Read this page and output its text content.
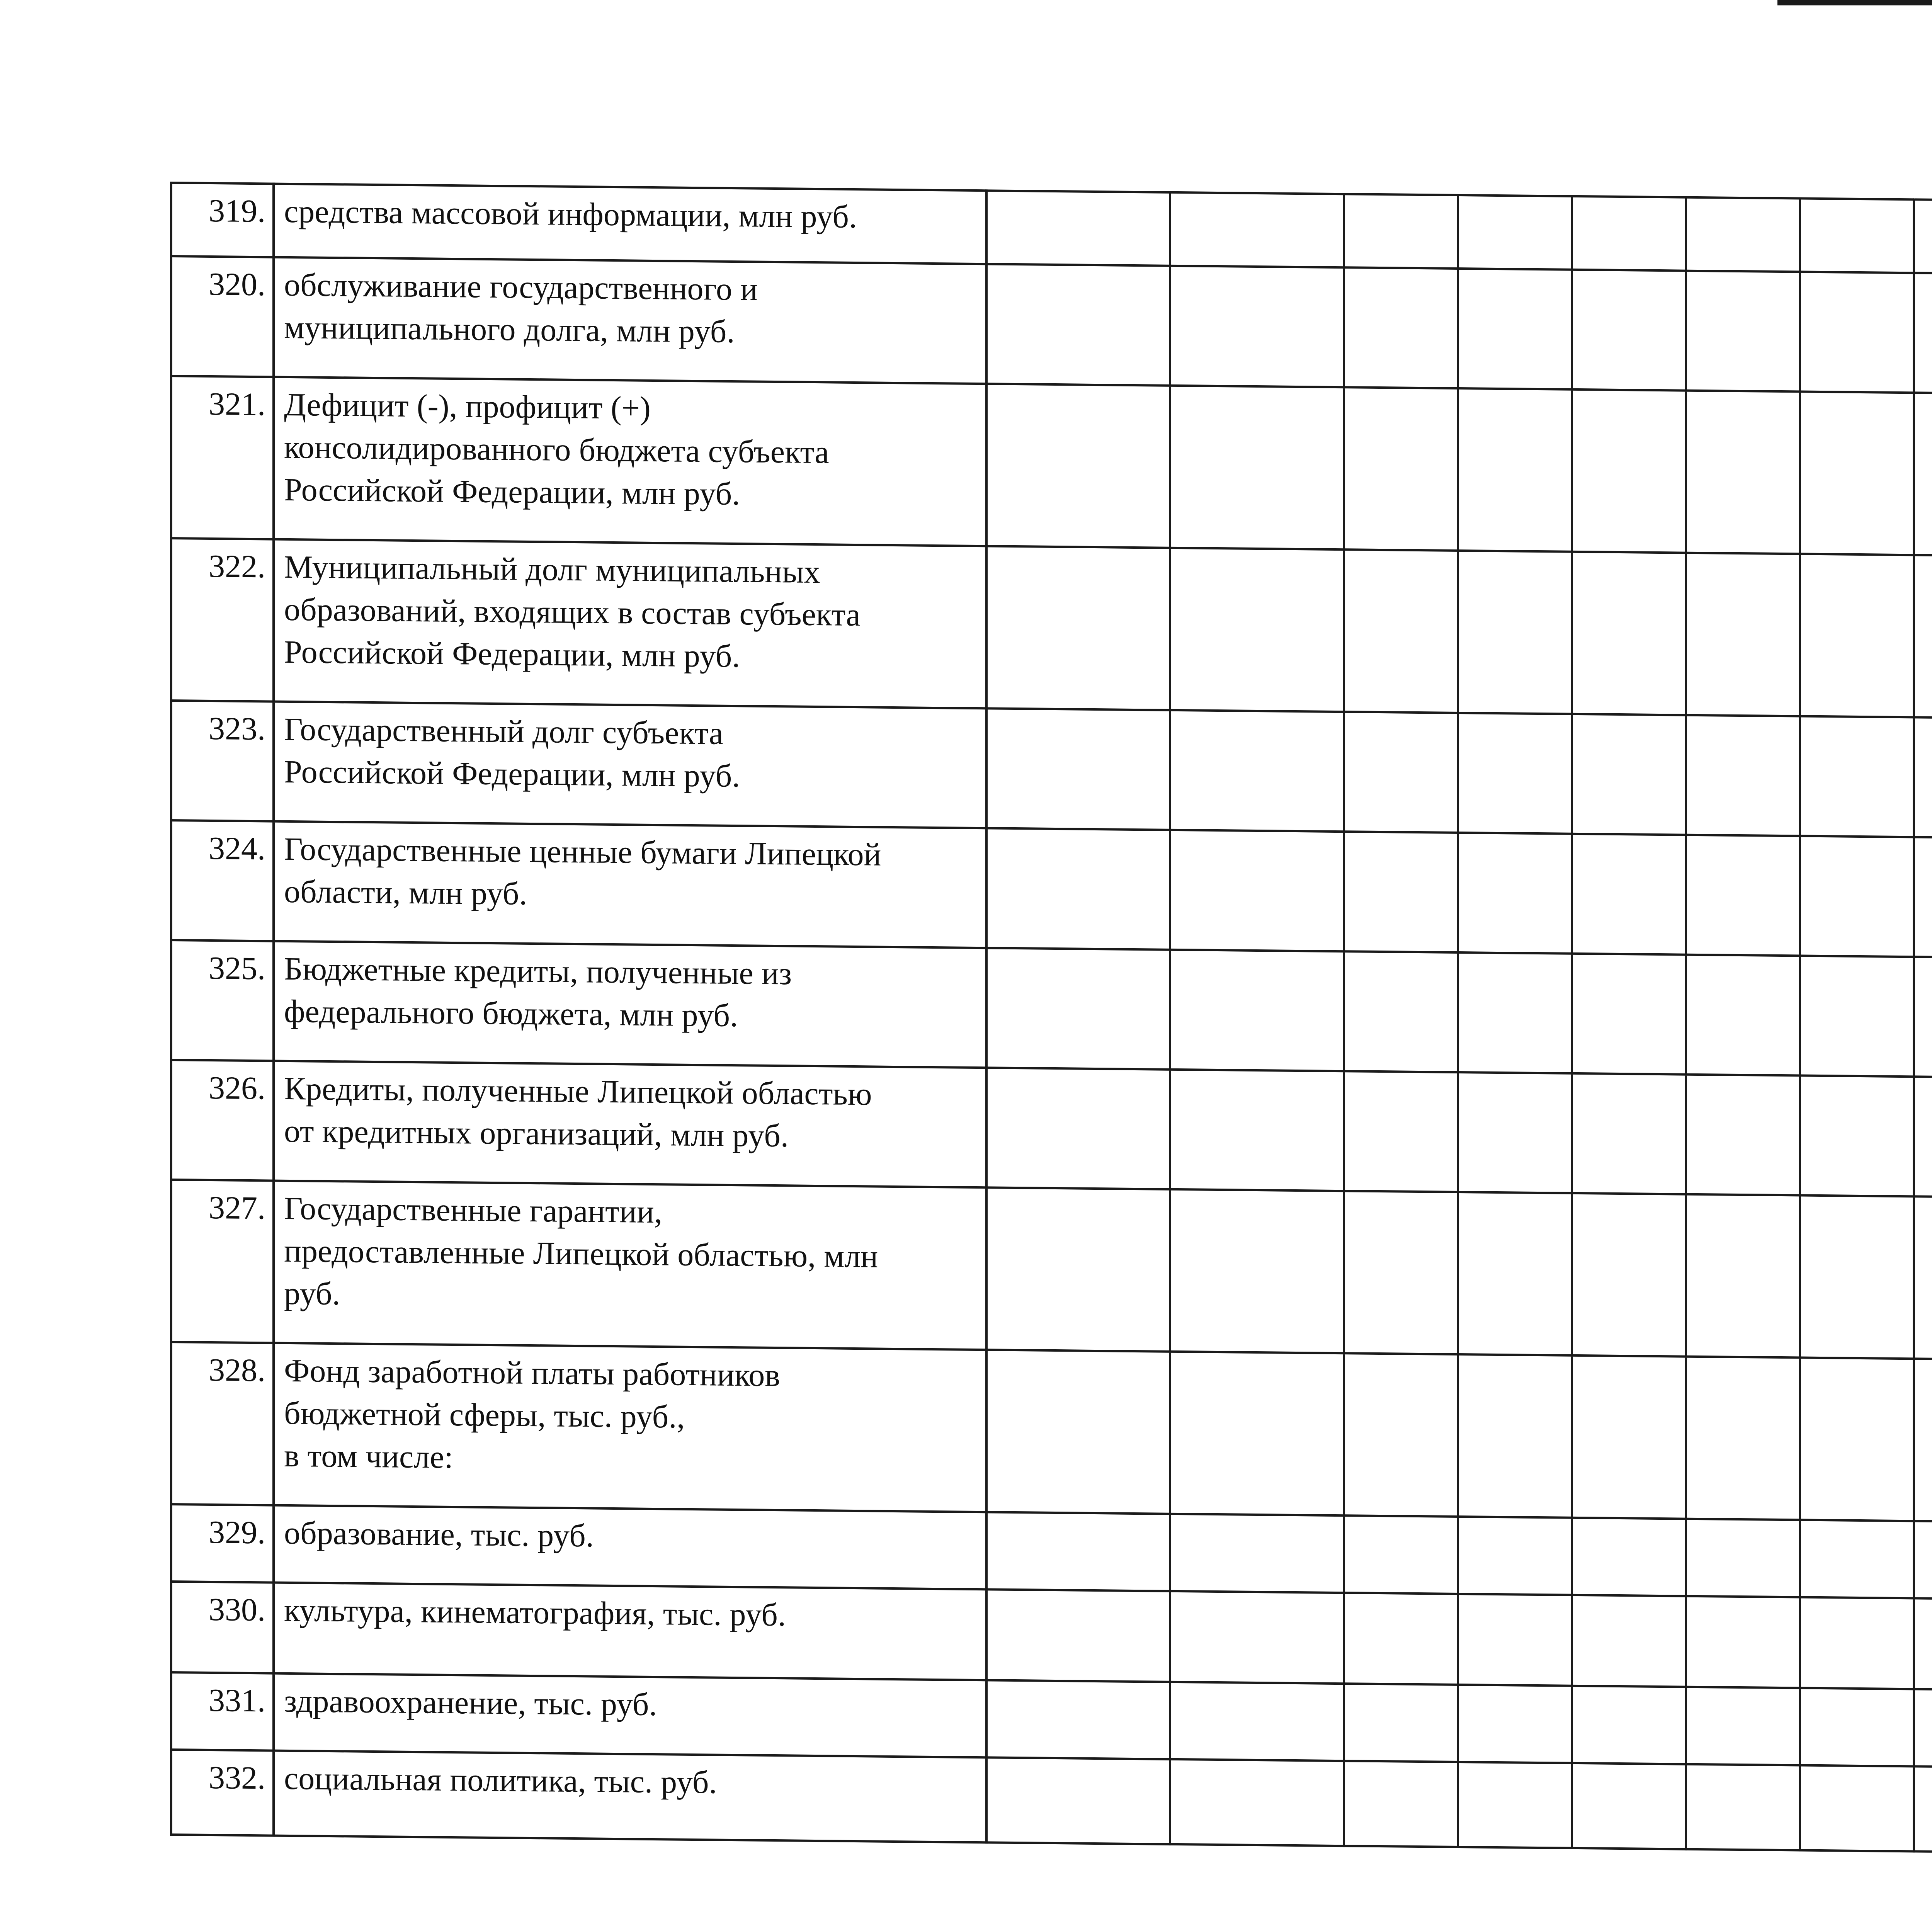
319.	средства массовой информации, млн руб.															

320.	обслуживание государственного и
муниципального долга, млн руб.															

321.	Дефицит (-), профицит (+)
консолидированного бюджета субъекта
Российской Федерации, млн руб.															

322.	Муниципальный долг муниципальных
образований, входящих в состав субъекта
Российской Федерации, млн руб.															

323.	Государственный долг субъекта
Российской Федерации, млн руб.															

324.	Государственные ценные бумаги Липецкой
области, млн руб.															

325.	Бюджетные кредиты, полученные из
федерального бюджета, млн руб.															

326.	Кредиты, полученные Липецкой областью
от кредитных организаций, млн руб.															

327.	Государственные гарантии,
предоставленные Липецкой областью, млн
руб.															

328.	Фонд заработной платы работников
бюджетной сферы, тыс. руб.,
в том числе:															

329.	образование, тыс. руб.															

330.	культура, кинематография, тыс. руб.															

331.	здравоохранение, тыс. руб.															

332.	социальная политика, тыс. руб.															
